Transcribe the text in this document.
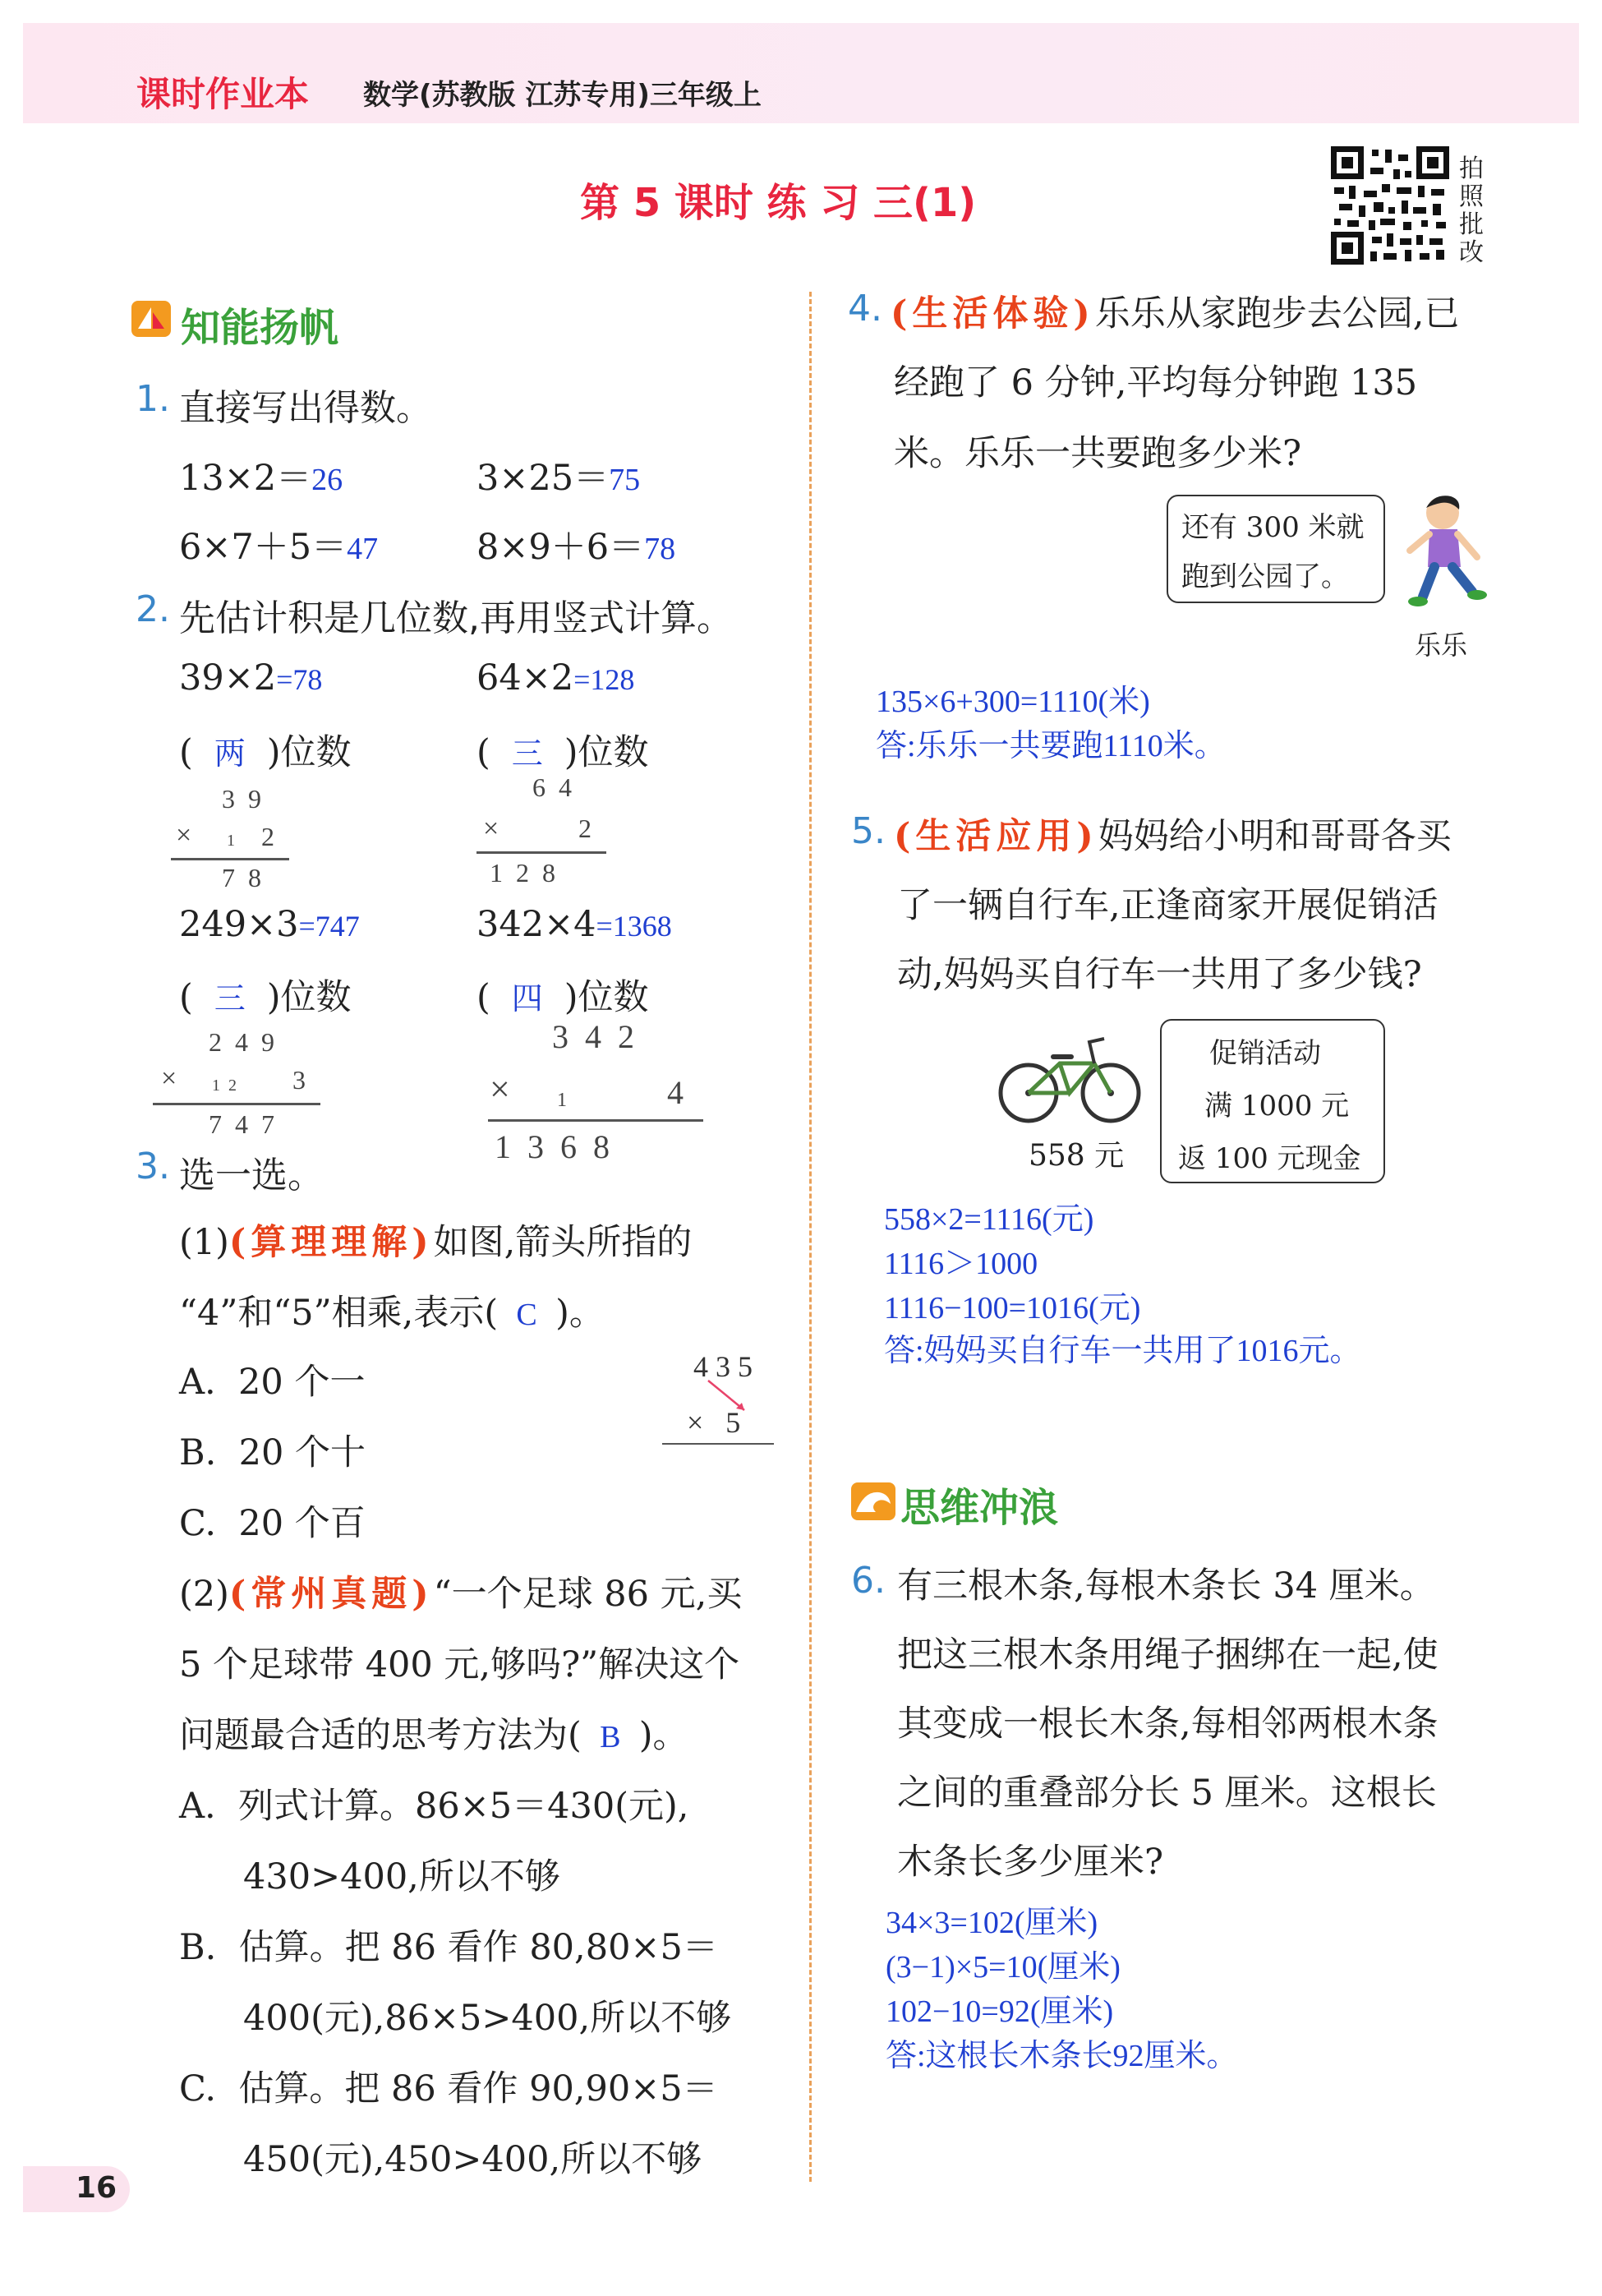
课时作业本 数学(苏教版 江苏专用)三年级上
第 5 课时 练 习 三(1)
拍
照
批
改
知能扬帆
1. 直接写出得数。
13×2＝26	3×25＝75
6×7＋5＝47	8×9＋6＝78
2. 先估计积是几位数,再用竖式计算。
39×2=78
( 两 )位数
3  9
× 1 2
7  8
64×2=128
( 三 )位数
6  4
×	2
1  2  8
249×3=747
( 三 )位数
2  4  9
× 1  2 3
7  4  7
342×4=1368
( 四 )位数
3  4  2
× 1	4
1  3  6  8
3. 选一选。
(1)(算理理解)如图,箭头所指的
“4”和“5”相乘,表示( C )。
A.  20 个一
B.  20 个十
C.  20 个百
4 3 5
×   5
(2)(常州真题)“一个足球 86 元,买
5 个足球带 400 元,够吗?”解决这个
问题最合适的思考方法为( B )。
A.  列式计算。86×5＝430(元),
430>400,所以不够
B.  估算。把 86 看作 80,80×5＝
400(元),86×5>400,所以不够
C.  估算。把 86 看作 90,90×5＝
450(元),450>400,所以不够
4. (生活体验)乐乐从家跑步去公园,已
经跑了 6 分钟,平均每分钟跑 135
米。乐乐一共要跑多少米?
还有 300 米就
跑到公园了。
乐乐
135×6+300=1110(米)
答:乐乐一共要跑1110米。
5. (生活应用)妈妈给小明和哥哥各买
了一辆自行车,正逢商家开展促销活
动,妈妈买自行车一共用了多少钱?
558 元
促销活动
满 1000 元
返 100 元现金
558×2=1116(元)
1116＞1000
1116−100=1016(元)
答:妈妈买自行车一共用了1016元。
思维冲浪
6. 有三根木条,每根木条长 34 厘米。
把这三根木条用绳子捆绑在一起,使
其变成一根长木条,每相邻两根木条
之间的重叠部分长 5 厘米。这根长
木条长多少厘米?
34×3=102(厘米)
(3−1)×5=10(厘米)
102−10=92(厘米)
答:这根长木条长92厘米。
16
